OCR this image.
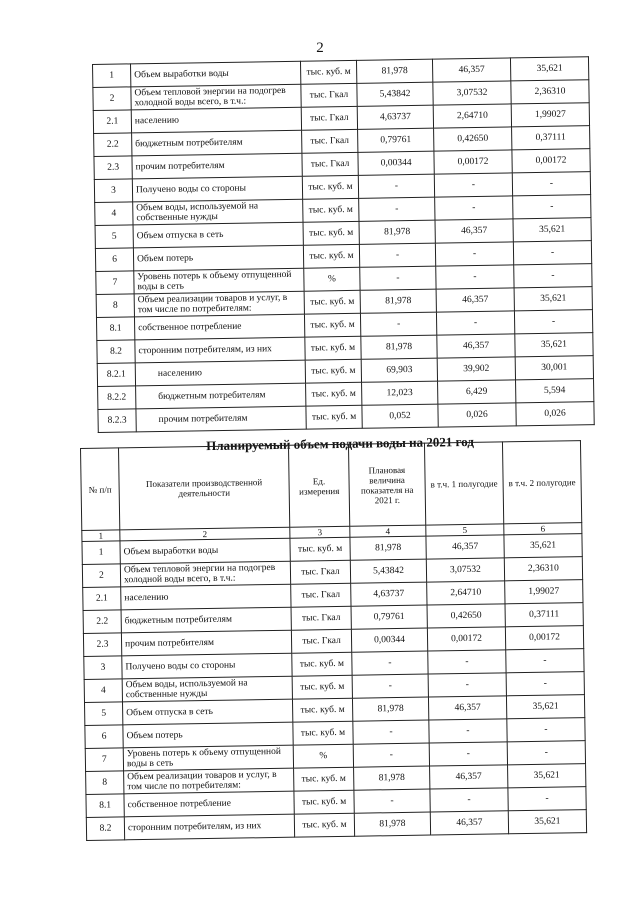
2
1	Объем выработки воды	тыс. куб. м	81,978	46,357	35,621
2	Объем тепловой энергии на подогрев холодной воды всего, в т.ч.:	тыс. Гкал	5,43842	3,07532	2,36310
2.1	населению	тыс. Гкал	4,63737	2,64710	1,99027
2.2	бюджетным потребителям	тыс. Гкал	0,79761	0,42650	0,37111
2.3	прочим потребителям	тыс. Гкал	0,00344	0,00172	0,00172
3	Получено воды со стороны	тыс. куб. м	-	-	-
4	Объем воды, используемой на собственные нужды	тыс. куб. м	-	-	-
5	Объем отпуска в сеть	тыс. куб. м	81,978	46,357	35,621
6	Объем потерь	тыс. куб. м	-	-	-
7	Уровень потерь к объему отпущенной воды в сеть	%	-	-	-
8	Объем реализации товаров и услуг, в том числе по потребителям:	тыс. куб. м	81,978	46,357	35,621
8.1	собственное потребление	тыс. куб. м	-	-	-
8.2	сторонним потребителям, из них	тыс. куб. м	81,978	46,357	35,621
8.2.1	населению	тыс. куб. м	69,903	39,902	30,001
8.2.2	бюджетным потребителям	тыс. куб. м	12,023	6,429	5,594
8.2.3	прочим потребителям	тыс. куб. м	0,052	0,026	0,026
Планируемый объем подачи воды на 2021 год
№ п/п	Показатели производственной деятельности	Ед. измерения	Плановая величина показателя на 2021 г.	в т.ч. 1 полугодие	в т.ч. 2 полугодие
1	2	3	4	5	6
1	Объем выработки воды	тыс. куб. м	81,978	46,357	35,621
2	Объем тепловой энергии на подогрев холодной воды всего, в т.ч.:	тыс. Гкал	5,43842	3,07532	2,36310
2.1	населению	тыс. Гкал	4,63737	2,64710	1,99027
2.2	бюджетным потребителям	тыс. Гкал	0,79761	0,42650	0,37111
2.3	прочим потребителям	тыс. Гкал	0,00344	0,00172	0,00172
3	Получено воды со стороны	тыс. куб. м	-	-	-
4	Объем воды, используемой на собственные нужды	тыс. куб. м	-	-	-
5	Объем отпуска в сеть	тыс. куб. м	81,978	46,357	35,621
6	Объем потерь	тыс. куб. м	-	-	-
7	Уровень потерь к объему отпущенной воды в сеть	%	-	-	-
8	Объем реализации товаров и услуг, в том числе по потребителям:	тыс. куб. м	81,978	46,357	35,621
8.1	собственное потребление	тыс. куб. м	-	-	-
8.2	сторонним потребителям, из них	тыс. куб. м	81,978	46,357	35,621
